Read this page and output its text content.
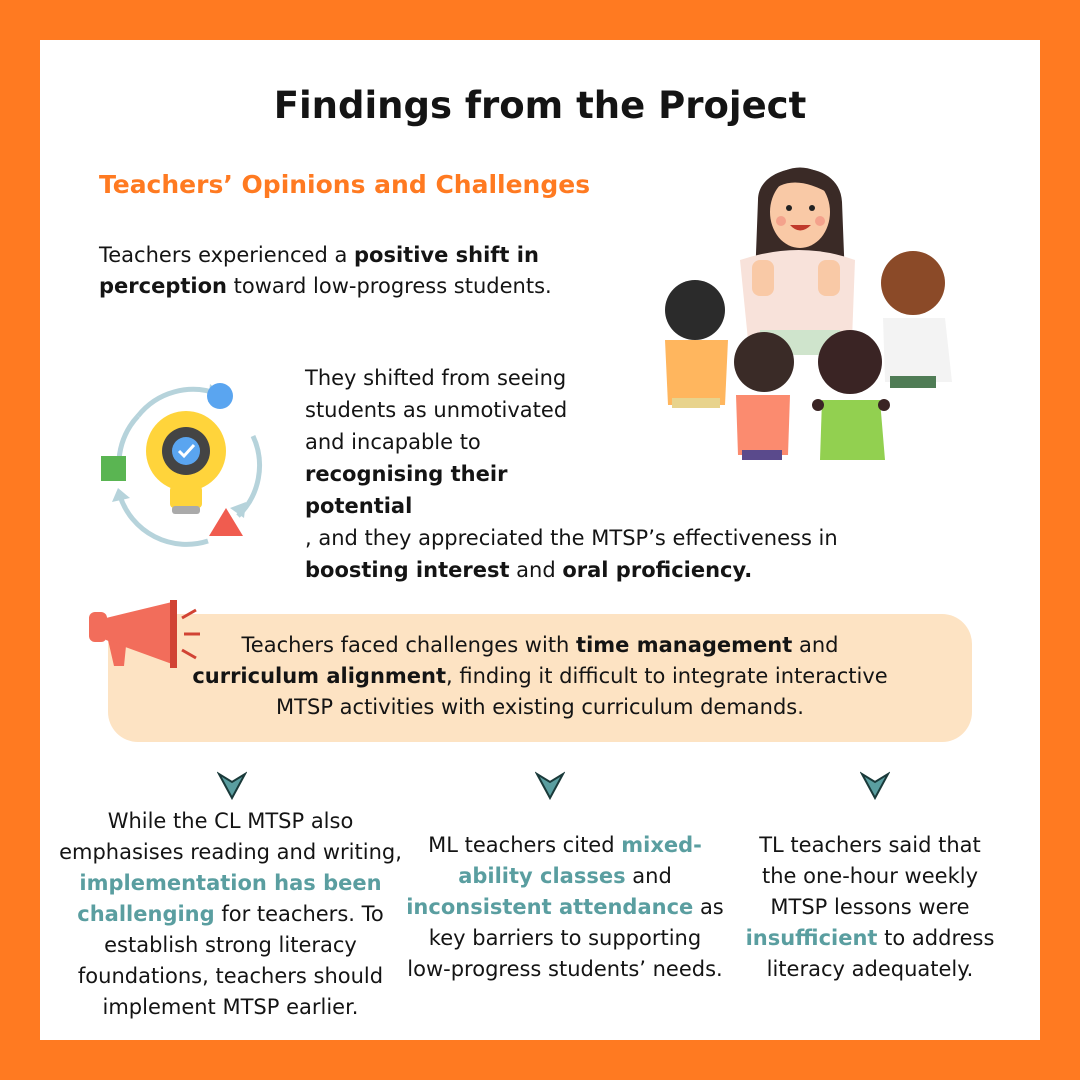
Findings from the Project
Teachers’ Opinions and Challenges
Teachers experienced a positive shift in perception toward low-progress students.
They shifted from seeing students as unmotivated and incapable to
recognising their potential
, and they appreciated the MTSP’s effectiveness in
boosting interest and oral proficiency.
Teachers faced challenges with time management and
curriculum alignment, finding it difficult to integrate interactive MTSP activities with existing curriculum demands.
While the CL MTSP also emphasises reading and writing, implementation has been challenging for teachers. To establish strong literacy foundations, teachers should implement MTSP earlier.
ML teachers cited mixed-ability classes and inconsistent attendance as key barriers to supporting low-progress students’ needs.
TL teachers said that the one-hour weekly MTSP lessons were insufficient to address literacy adequately.
